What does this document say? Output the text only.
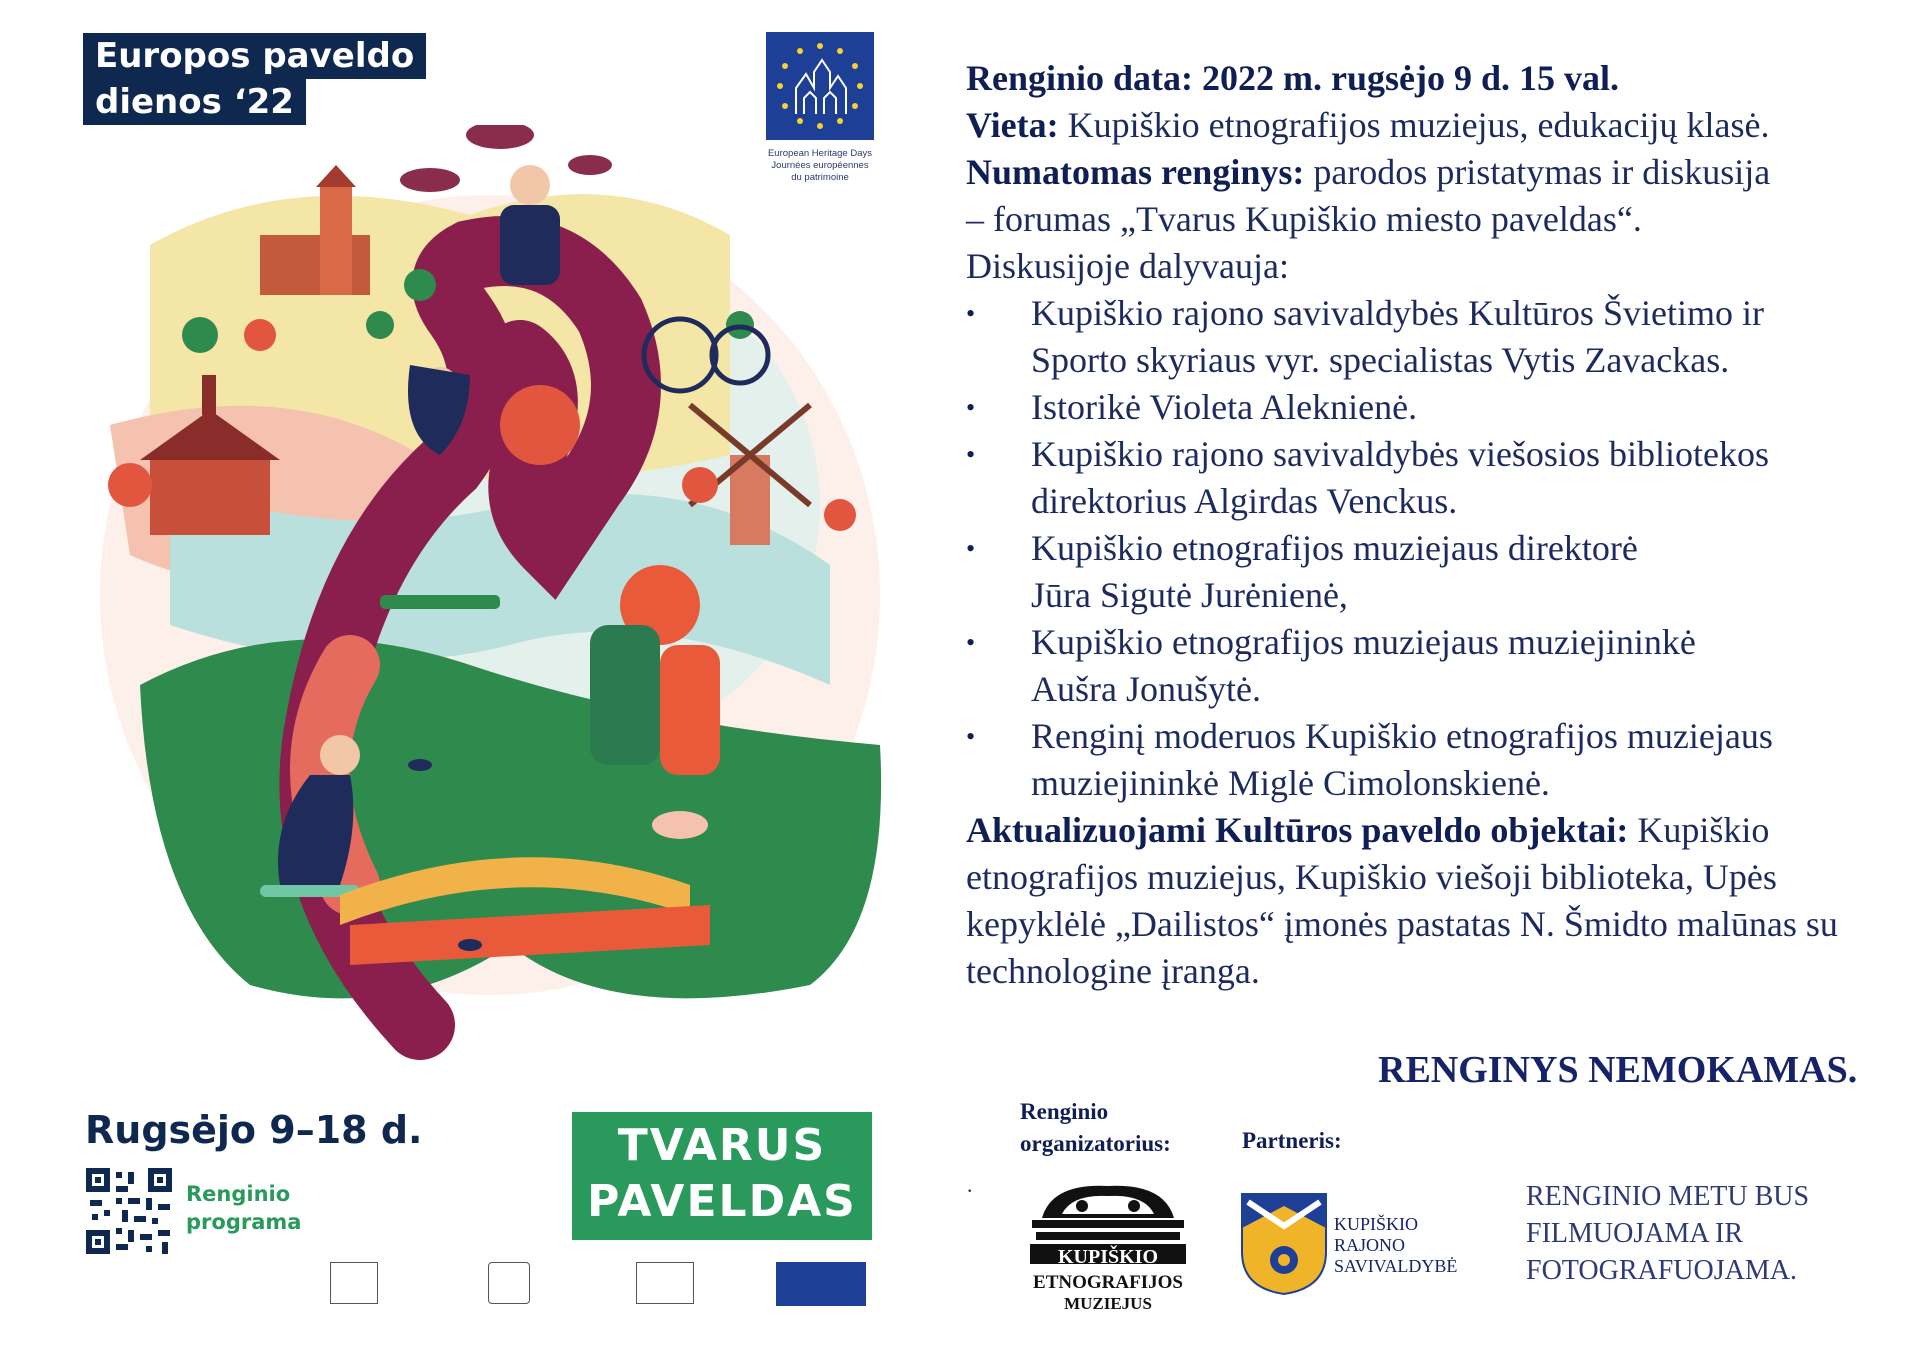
Europos paveldo
dienos ‘22
European Heritage Days
Journées européennes
du patrimoine
Rugsėjo 9–18 d.
Renginio
programa
TVARUS
PAVELDAS

Renginio data: 2022 m. rugsėjo 9 d. 15 val.

Vieta: Kupiškio etnografijos muziejus, edukacijų klasė.

Numatomas renginys: parodos pristatymas ir diskusija – forumas „Tvarus Kupiškio miesto paveldas“. Diskusijoje dalyvauja:

• Kupiškio rajono savivaldybės Kultūros Švietimo ir
Sporto skyriaus vyr. specialistas Vytis Zavackas.
• Istorikė Violeta Aleknienė.
• Kupiškio rajono savivaldybės viešosios bibliotekos
direktorius Algirdas Venckus.
• Kupiškio etnografijos muziejaus direktorė
Jūra Sigutė Jurėnienė,
• Kupiškio etnografijos muziejaus muziejininkė
Aušra Jonušytė.
• Renginį moderuos Kupiškio etnografijos muziejaus
muziejininkė Miglė Cimolonskienė.

Aktualizuojami Kultūros paveldo objektai: Kupiškio etnografijos muziejus, Kupiškio viešoji biblioteka, Upės kepyklėlė „Dailistos“ įmonės pastatas N. Šmidto malūnas su technologine įranga.

RENGINYS NEMOKAMAS.
Renginio
organizatorius:	Partneris:
.
KUPIŠKIO
ETNOGRAFIJOS
MUZIEJUS
KUPIŠKIO
RAJONO
SAVIVALDYBĖ
RENGINIO METU BUS
FILMUOJAMA IR
FOTOGRAFUOJAMA.
